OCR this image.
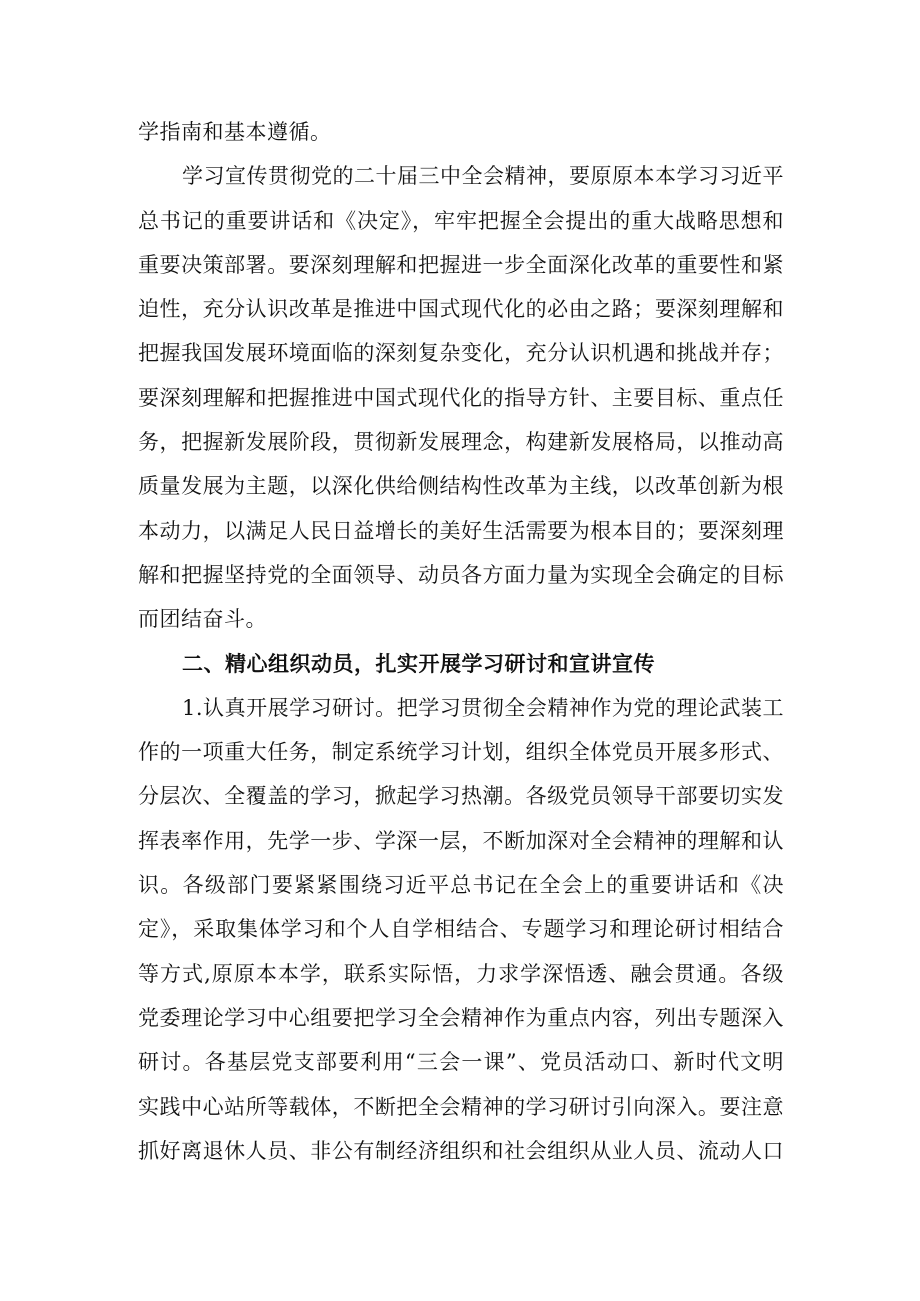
学指南和基本遵循。
学习宣传贯彻党的二十届三中全会精神，要原原本本学习习近平
总书记的重要讲话和《决定》，牢牢把握全会提出的重大战略思想和
重要决策部署。要深刻理解和把握进一步全面深化改革的重要性和紧
迫性，充分认识改革是推进中国式现代化的必由之路；要深刻理解和
把握我国发展环境面临的深刻复杂变化，充分认识机遇和挑战并存；
要深刻理解和把握推进中国式现代化的指导方针、主要目标、重点任
务，把握新发展阶段，贯彻新发展理念，构建新发展格局，以推动高
质量发展为主题，以深化供给侧结构性改革为主线，以改革创新为根
本动力，以满足人民日益增长的美好生活需要为根本目的；要深刻理
解和把握坚持党的全面领导、动员各方面力量为实现全会确定的目标
而团结奋斗。
二、精心组织动员，扎实开展学习研讨和宣讲宣传
1.认真开展学习研讨。把学习贯彻全会精神作为党的理论武装工
作的一项重大任务，制定系统学习计划，组织全体党员开展多形式、
分层次、全覆盖的学习，掀起学习热潮。各级党员领导干部要切实发
挥表率作用，先学一步、学深一层，不断加深对全会精神的理解和认
识。各级部门要紧紧围绕习近平总书记在全会上的重要讲话和《决
定》，采取集体学习和个人自学相结合、专题学习和理论研讨相结合
等方式,原原本本学，联系实际悟，力求学深悟透、融会贯通。各级
党委理论学习中心组要把学习全会精神作为重点内容，列出专题深入
研讨。各基层党支部要利用“三会一课”、党员活动口、新时代文明
实践中心站所等载体，不断把全会精神的学习研讨引向深入。要注意
抓好离退休人员、非公有制经济组织和社会组织从业人员、流动人口
